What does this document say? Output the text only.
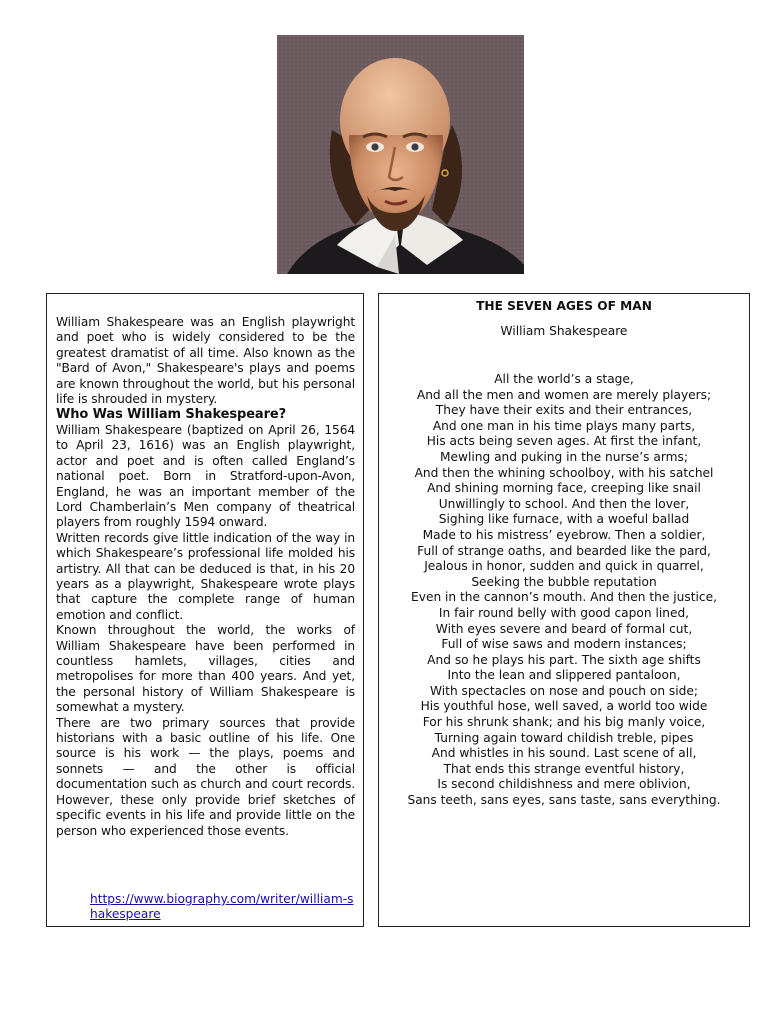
William Shakespeare was an English playwright and poet who is widely considered to be the greatest dramatist of all time. Also known as the "Bard of Avon," Shakespeare's plays and poems are known throughout the world, but his personal life is shrouded in mystery.

Who Was William Shakespeare?

William Shakespeare (baptized on April 26, 1564 to April 23, 1616) was an English playwright, actor and poet and is often called England’s national poet. Born in Stratford-upon-Avon, England, he was an important member of the Lord Chamberlain’s Men company of theatrical players from roughly 1594 onward.

Written records give little indication of the way in which Shakespeare’s professional life molded his artistry. All that can be deduced is that, in his 20 years as a playwright, Shakespeare wrote plays that capture the complete range of human emotion and conflict.

Known throughout the world, the works of William Shakespeare have been performed in countless hamlets, villages, cities and metropolises for more than 400 years. And yet, the personal history of William Shakespeare is somewhat a mystery.

There are two primary sources that provide historians with a basic outline of his life. One source is his work — the plays, poems and sonnets — and the other is official documentation such as church and court records. However, these only provide brief sketches of specific events in his life and provide little on the person who experienced those events.

https://www.biography.com/writer/william-shakespeare
THE SEVEN AGES OF MAN
William Shakespeare
All the world’s a stage,
And all the men and women are merely players;
They have their exits and their entrances,
And one man in his time plays many parts,
His acts being seven ages. At first the infant,
Mewling and puking in the nurse’s arms;
And then the whining schoolboy, with his satchel
And shining morning face, creeping like snail
Unwillingly to school. And then the lover,
Sighing like furnace, with a woeful ballad
Made to his mistress’ eyebrow. Then a soldier,
Full of strange oaths, and bearded like the pard,
Jealous in honor, sudden and quick in quarrel,
Seeking the bubble reputation
Even in the cannon’s mouth. And then the justice,
In fair round belly with good capon lined,
With eyes severe and beard of formal cut,
Full of wise saws and modern instances;
And so he plays his part. The sixth age shifts
Into the lean and slippered pantaloon,
With spectacles on nose and pouch on side;
His youthful hose, well saved, a world too wide
For his shrunk shank; and his big manly voice,
Turning again toward childish treble, pipes
And whistles in his sound. Last scene of all,
That ends this strange eventful history,
Is second childishness and mere oblivion,
Sans teeth, sans eyes, sans taste, sans everything.
